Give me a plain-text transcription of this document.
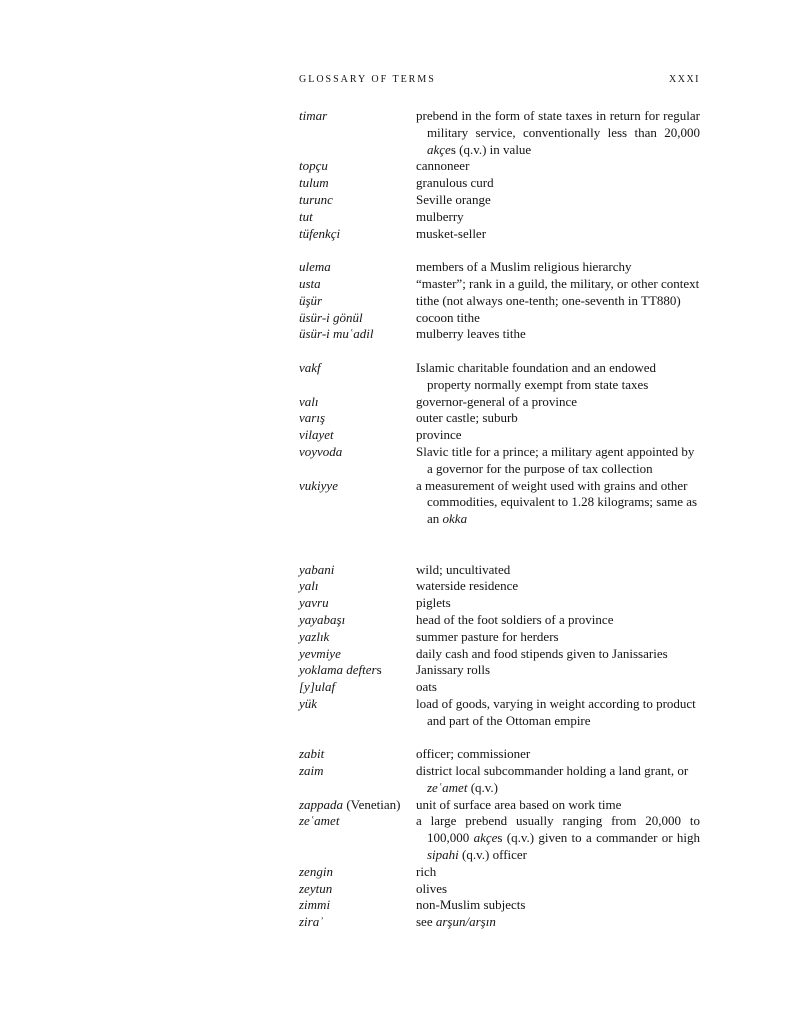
GLOSSARY OF TERMS	XXXI
timar	prebend in the form of state taxes in return for regular military service, conventionally less than 20,000 akçes (q.v.) in value
topçu	cannoneer
tulum	granulous curd
turunc	Seville orange
tut	mulberry
tüfenkçi	musket-seller
ulema	members of a Muslim religious hierarchy
usta	“master”; rank in a guild, the military, or other context
üşür	tithe (not always one-tenth; one-seventh in TT880)
üsür-i gönül	cocoon tithe
üsür-i muʿadil	mulberry leaves tithe
vakf	Islamic charitable foundation and an endowed property normally exempt from state taxes
valı	governor-general of a province
varış	outer castle; suburb
vilayet	province
voyvoda	Slavic title for a prince; a military agent appointed by a governor for the purpose of tax collection
vukiyye	a measurement of weight used with grains and other commodities, equivalent to 1.28 kilograms; same as an okka
yabani	wild; uncultivated
yalı	waterside residence
yavru	piglets
yayabaşı	head of the foot soldiers of a province
yazlık	summer pasture for herders
yevmiye	daily cash and food stipends given to Janissaries
yoklama defters	Janissary rolls
[y]ulaf	oats
yük	load of goods, varying in weight according to product and part of the Ottoman empire
zabit	officer; commissioner
zaim	district local subcommander holding a land grant, or zeʿamet (q.v.)
zappada (Venetian) unit of surface area based on work time
zeʿamet	a large prebend usually ranging from 20,000 to 100,000 akçes (q.v.) given to a commander or high sipahi (q.v.) officer
zengin	rich
zeytun	olives
zimmi	non-Muslim subjects
ziraʾ	see arşun/arşın
